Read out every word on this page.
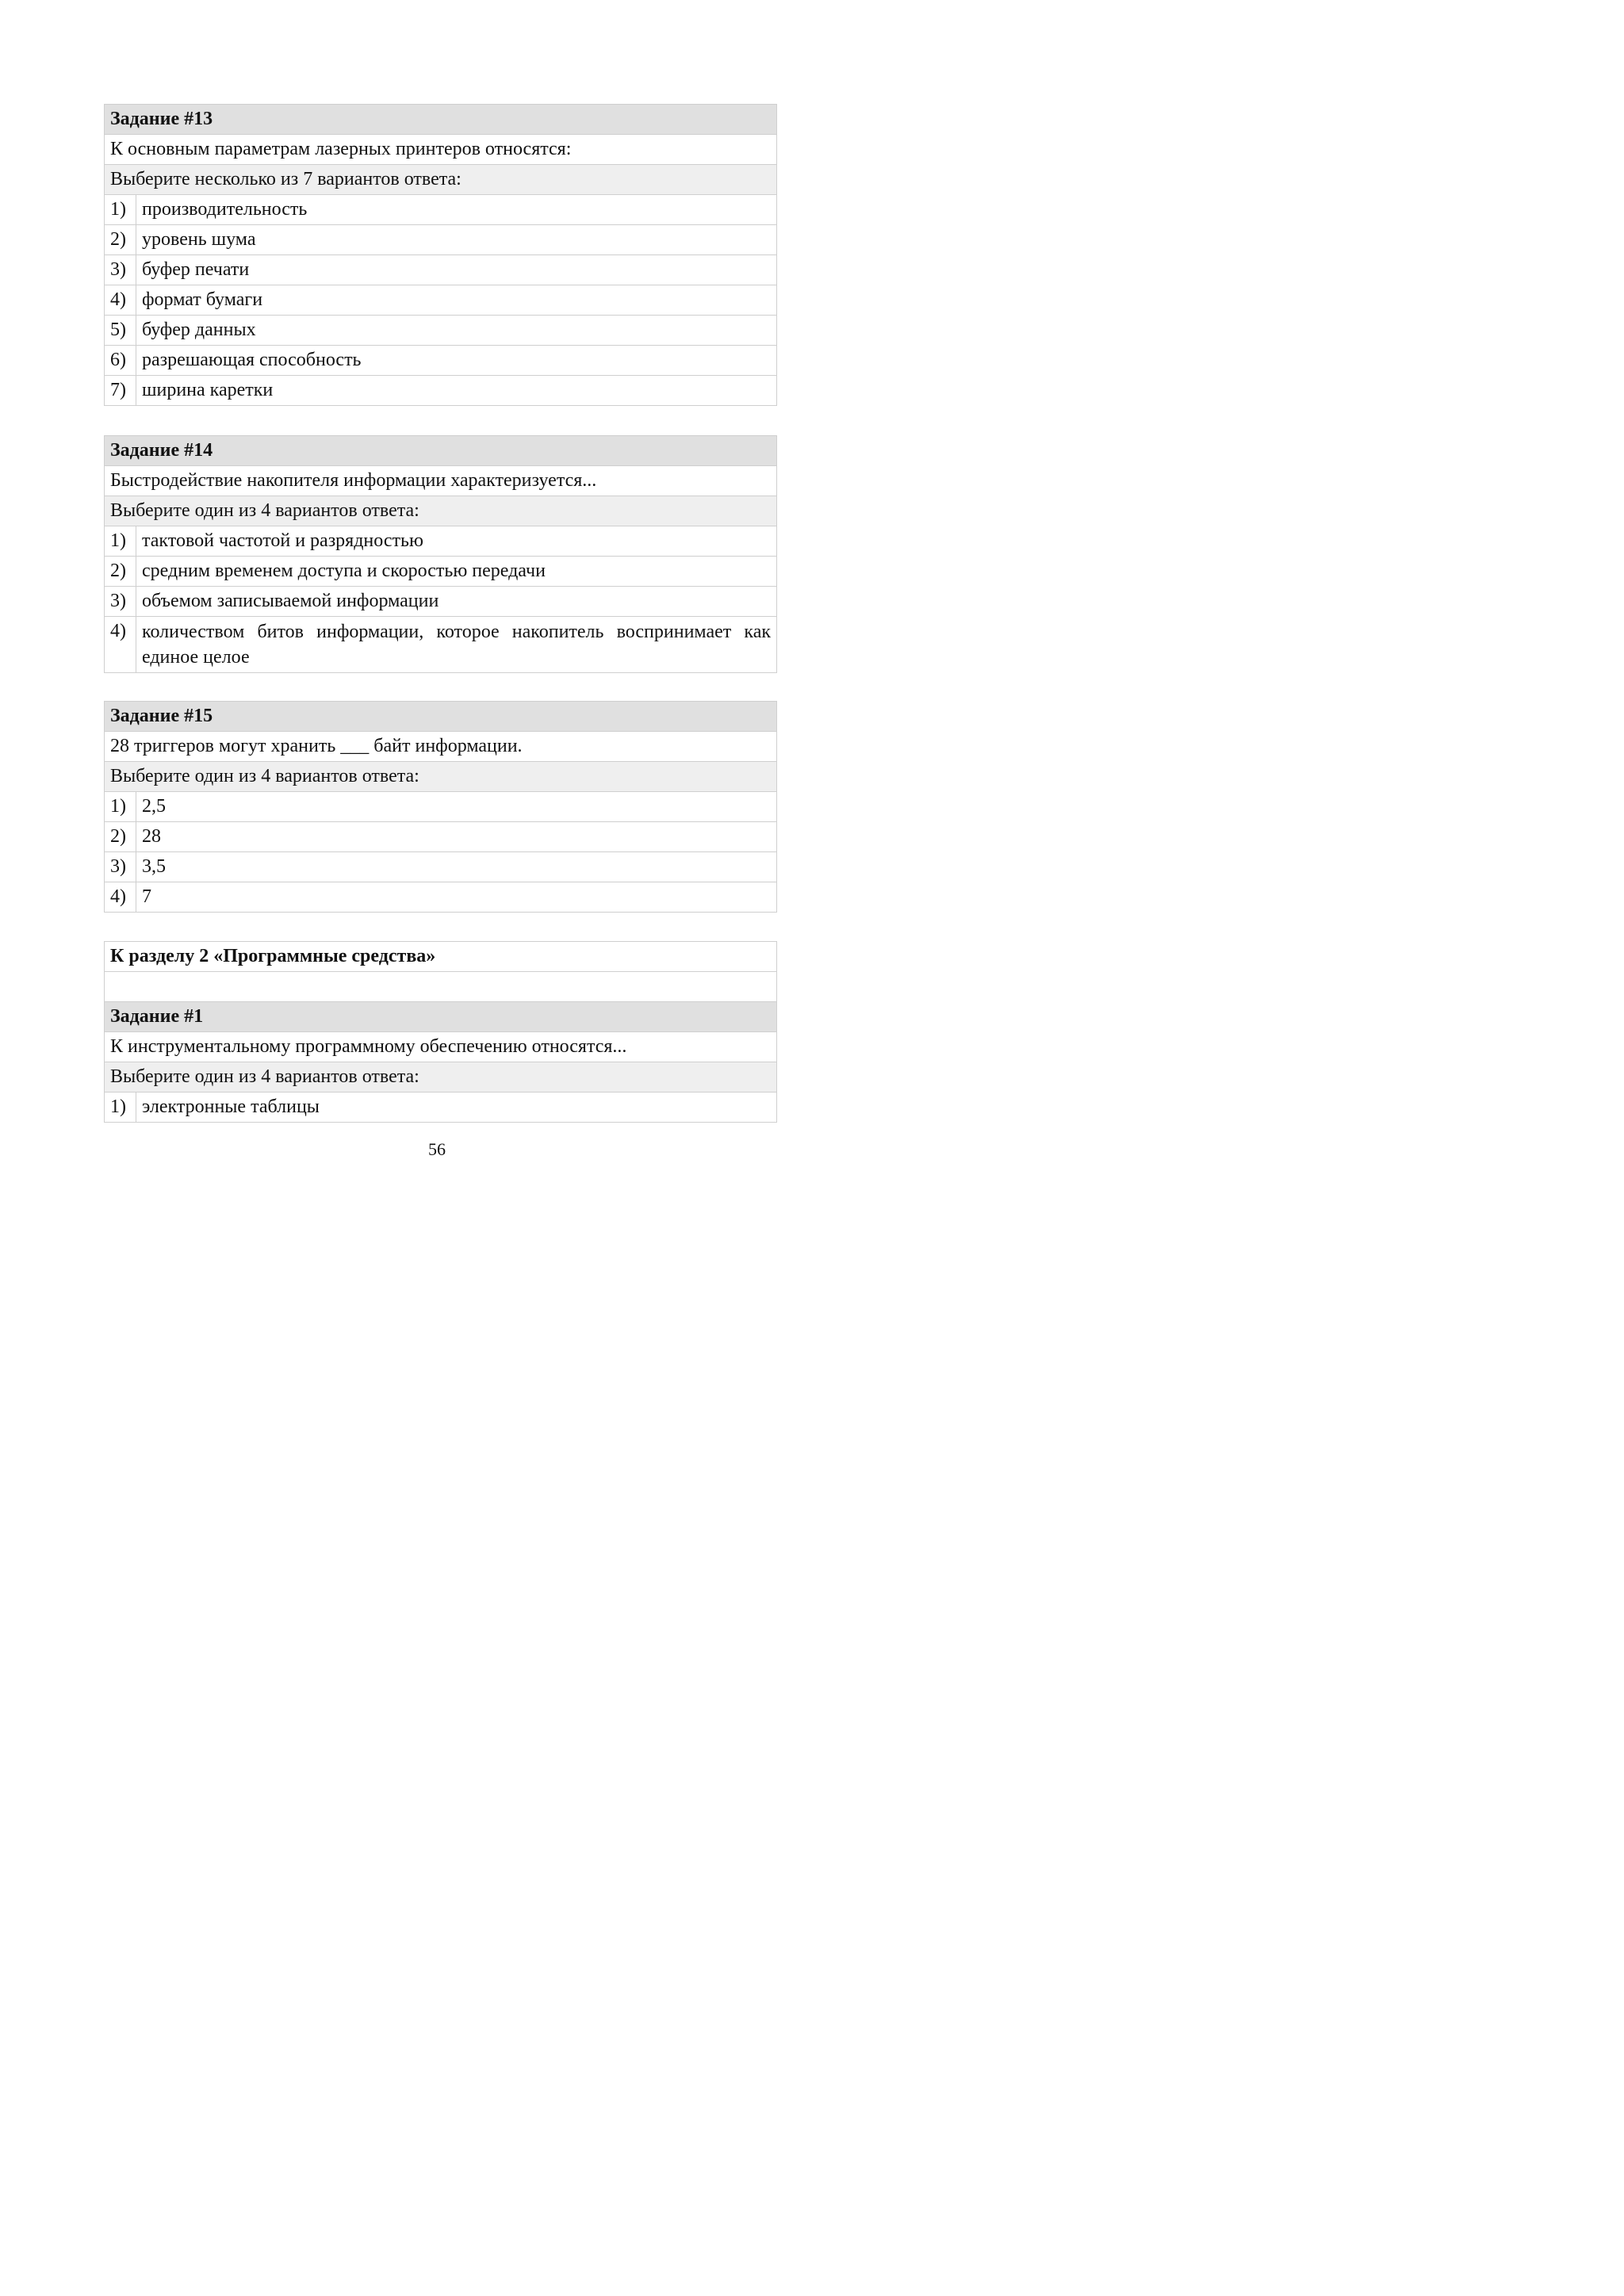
Задание #13
К основным параметрам лазерных принтеров относятся:
Выберите несколько из 7 вариантов ответа:
1) производительность
2) уровень шума
3) буфер печати
4) формат бумаги
5) буфер данных
6) разрешающая способность
7) ширина каретки
Задание #14
Быстродействие накопителя информации характеризуется...
Выберите один из 4 вариантов ответа:
1) тактовой частотой и разрядностью
2) средним временем доступа и скоростью передачи
3) объемом записываемой информации
4) количеством битов информации, которое накопитель воспринимает как единое целое
Задание #15
28 триггеров могут хранить ___ байт информации.
Выберите один из 4 вариантов ответа:
1) 2,5
2) 28
3) 3,5
4) 7
К разделу 2 «Программные средства»
Задание #1
К инструментальному программному обеспечению относятся...
Выберите один из 4 вариантов ответа:
1) электронные таблицы
56
